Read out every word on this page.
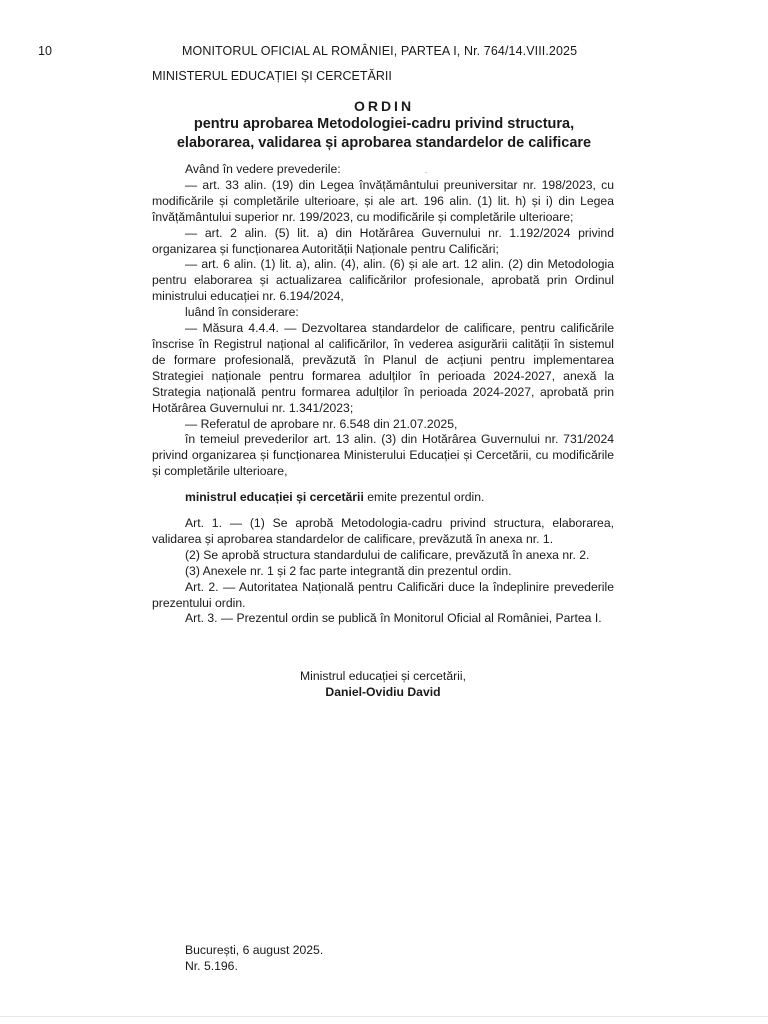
10	MONITORUL OFICIAL AL ROMÂNIEI, PARTEA I, Nr. 764/14.VIII.2025
MINISTERUL EDUCAȚIEI ȘI CERCETĂRII
ORDIN
pentru aprobarea Metodologiei-cadru privind structura,
elaborarea, validarea și aprobarea standardelor de calificare

Având în vedere prevederile:

— art. 33 alin. (19) din Legea învățământului preuniversitar nr. 198/2023, cu modificările și completările ulterioare, și ale art. 196 alin. (1) lit. h) și i) din Legea învățământului superior nr. 199/2023, cu modificările și completările ulterioare;

— art. 2 alin. (5) lit. a) din Hotărârea Guvernului nr. 1.192/2024 privind organizarea și funcționarea Autorității Naționale pentru Calificări;

— art. 6 alin. (1) lit. a), alin. (4), alin. (6) și ale art. 12 alin. (2) din Metodologia pentru elaborarea și actualizarea calificărilor profesionale, aprobată prin Ordinul ministrului educației nr. 6.194/2024,

luând în considerare:

— Măsura 4.4.4. — Dezvoltarea standardelor de calificare, pentru calificările înscrise în Registrul național al calificărilor, în vederea asigurării calității în sistemul de formare profesională, prevăzută în Planul de acțiuni pentru implementarea Strategiei naționale pentru formarea adulților în perioada 2024-2027, anexă la Strategia națională pentru formarea adulților în perioada 2024-2027, aprobată prin Hotărârea Guvernului nr. 1.341/2023;

— Referatul de aprobare nr. 6.548 din 21.07.2025,

în temeiul prevederilor art. 13 alin. (3) din Hotărârea Guvernului nr. 731/2024 privind organizarea și funcționarea Ministerului Educației și Cercetării, cu modificările și completările ulterioare,

ministrul educației și cercetării emite prezentul ordin.

Art. 1. — (1) Se aprobă Metodologia-cadru privind structura, elaborarea, validarea și aprobarea standardelor de calificare, prevăzută în anexa nr. 1.

(2) Se aprobă structura standardului de calificare, prevăzută în anexa nr. 2.

(3) Anexele nr. 1 și 2 fac parte integrantă din prezentul ordin.

Art. 2. — Autoritatea Națională pentru Calificări duce la îndeplinire prevederile prezentului ordin.

Art. 3. — Prezentul ordin se publică în Monitorul Oficial al României, Partea I.

Ministrul educației și cercetării,
Daniel-Ovidiu David
București, 6 august 2025.
Nr. 5.196.
